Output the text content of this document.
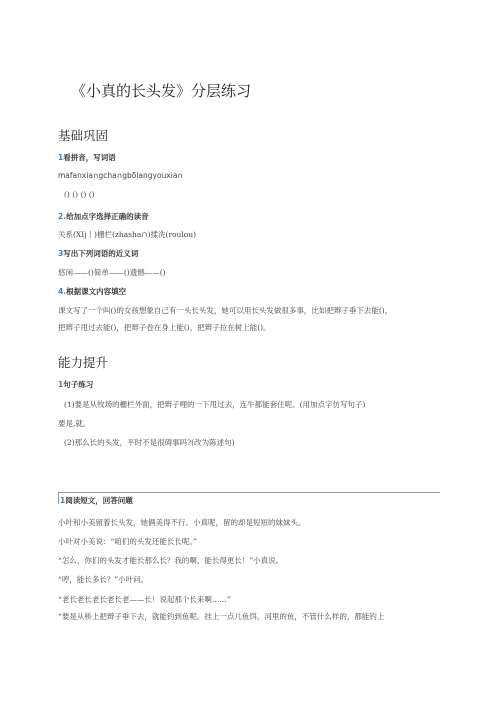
《小真的长头发》分层练习
基础巩固
1看拼音，写词语
mafanxia∩gcha∩gbδlangyouxia∩
() () () ()
2.给加点字选择正确的读音
关系(XIj丨)栅栏(zhasha∩)揉洗(roulou)
3写出下列词语的近义词
悠闲——()简单——()遗憾——()
4.根据课文内容填空
课文写了一个叫()的女孩想象自己有一头长头发，她可以用长头发做很多事，比如把辫子垂下去能()，
把辫子甩过去能()，把辫子卷在身上能()，把辫子拉在树上能()。
能力提升
1句子练习
(1)要是从牧场的栅栏外面，把辫子哩的一下甩过去，连牛都能套住呢。(用加点字仿写句子)
要是,就。
(2)那么长的头发，平时不是很碍事吗?(改为陈述句)
1阅读短文，回答问题
小叶和小美留着长头发，她俩美得不行。小真呢，留的却是短短的妹妹头。
小叶对小美说：“咱们的头发还能长长呢。”
“怎么，你们的头发才能长那么长？我的啊，能长得更长！”小真说。
“哼，能长多长？”小叶问。
“老长老长老长老长老——长！说起那个长来啊……”
“要是从桥上把辫子垂下去，就能钓到鱼呢。挂上一点儿鱼饵，河里的鱼，不管什么样的，都能钓上
